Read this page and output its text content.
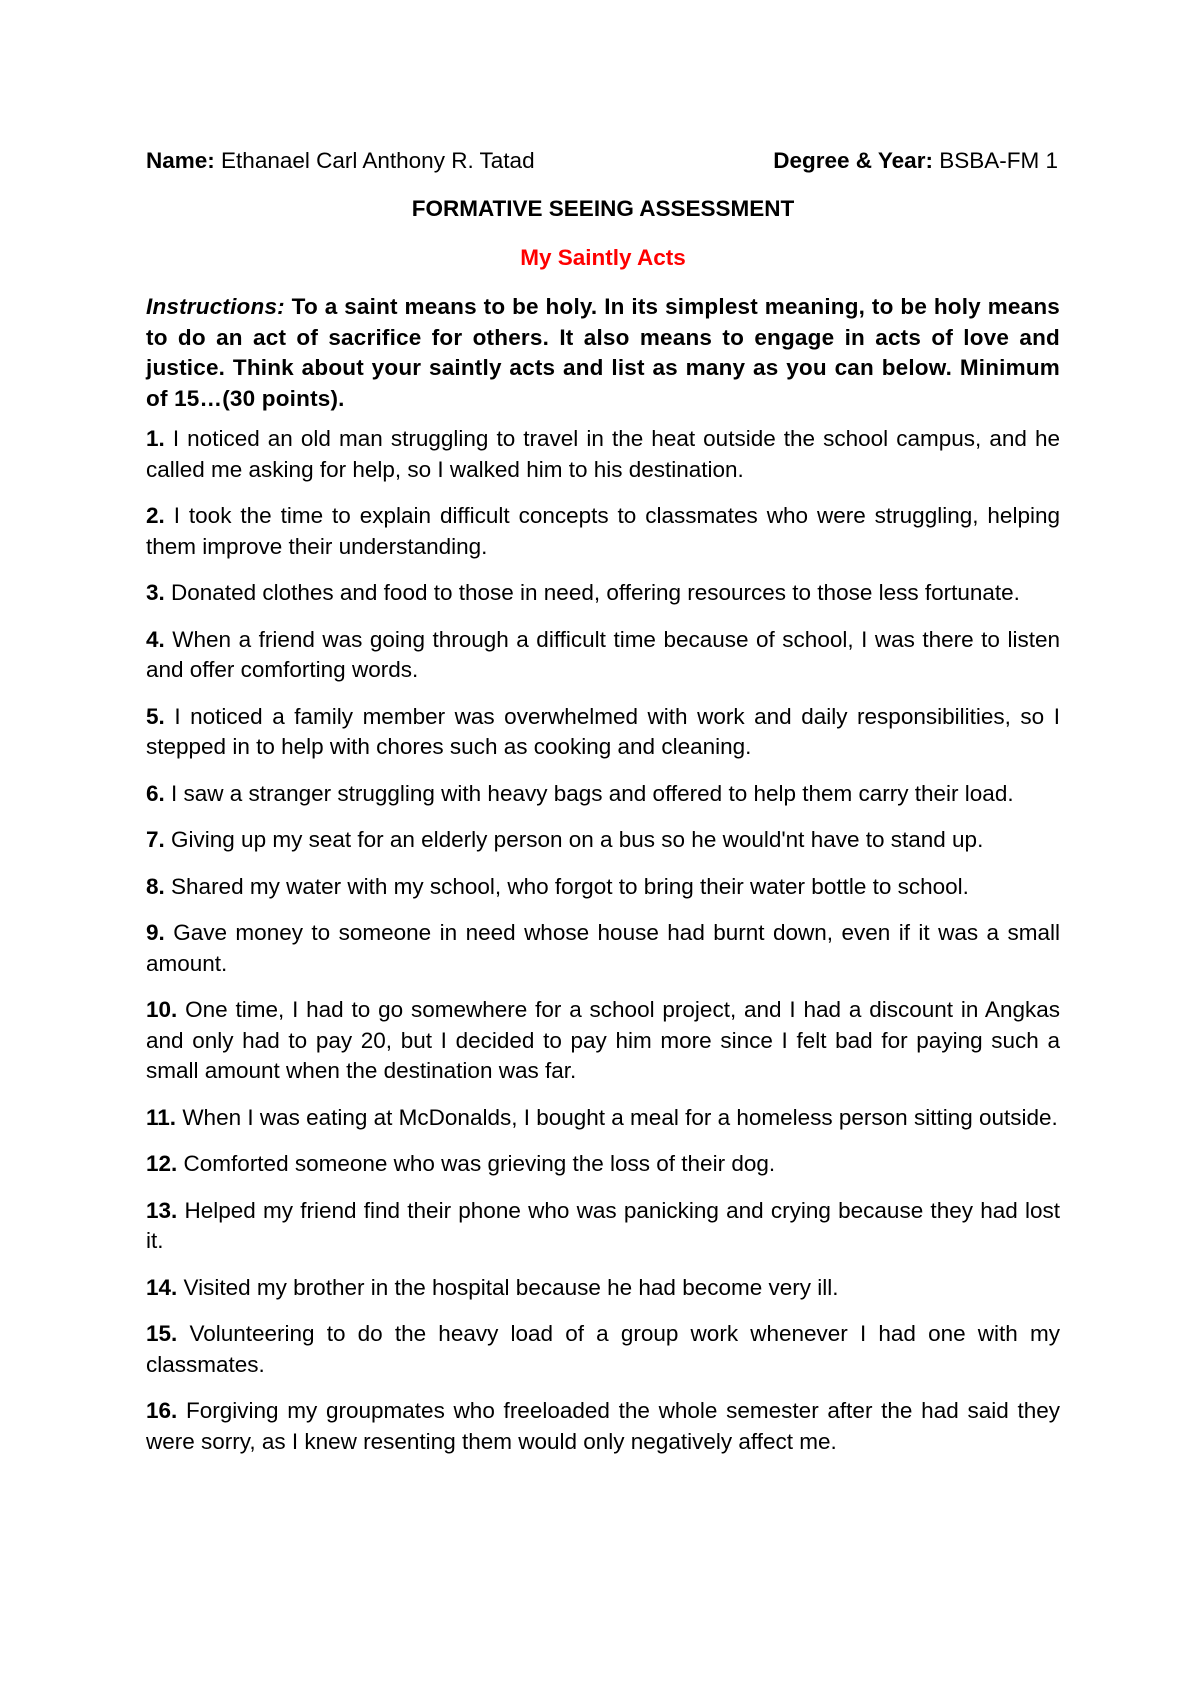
Name: Ethanael Carl Anthony R. Tatad	Degree & Year: BSBA-FM 1
FORMATIVE SEEING ASSESSMENT
My Saintly Acts
Instructions: To a saint means to be holy. In its simplest meaning, to be holy means to do an act of sacrifice for others. It also means to engage in acts of love and justice. Think about your saintly acts and list as many as you can below. Minimum of 15…(30 points).
1. I noticed an old man struggling to travel in the heat outside the school campus, and he called me asking for help, so I walked him to his destination.
2. I took the time to explain difficult concepts to classmates who were struggling, helping them improve their understanding.
3. Donated clothes and food to those in need, offering resources to those less fortunate.
4. When a friend was going through a difficult time because of school, I was there to listen and offer comforting words.
5. I noticed a family member was overwhelmed with work and daily responsibilities, so I stepped in to help with chores such as cooking and cleaning.
6. I saw a stranger struggling with heavy bags and offered to help them carry their load.
7. Giving up my seat for an elderly person on a bus so he would'nt have to stand up.
8. Shared my water with my school, who forgot to bring their water bottle to school.
9. Gave money to someone in need whose house had burnt down, even if it was a small amount.
10. One time, I had to go somewhere for a school project, and I had a discount in Angkas and only had to pay 20, but I decided to pay him more since I felt bad for paying such a small amount when the destination was far.
11. When I was eating at McDonalds, I bought a meal for a homeless person sitting outside.
12. Comforted someone who was grieving the loss of their dog.
13. Helped my friend find their phone who was panicking and crying because they had lost it.
14. Visited my brother in the hospital because he had become very ill.
15. Volunteering to do the heavy load of a group work whenever I had one with my classmates.
16. Forgiving my groupmates who freeloaded the whole semester after the had said they were sorry, as I knew resenting them would only negatively affect me.
